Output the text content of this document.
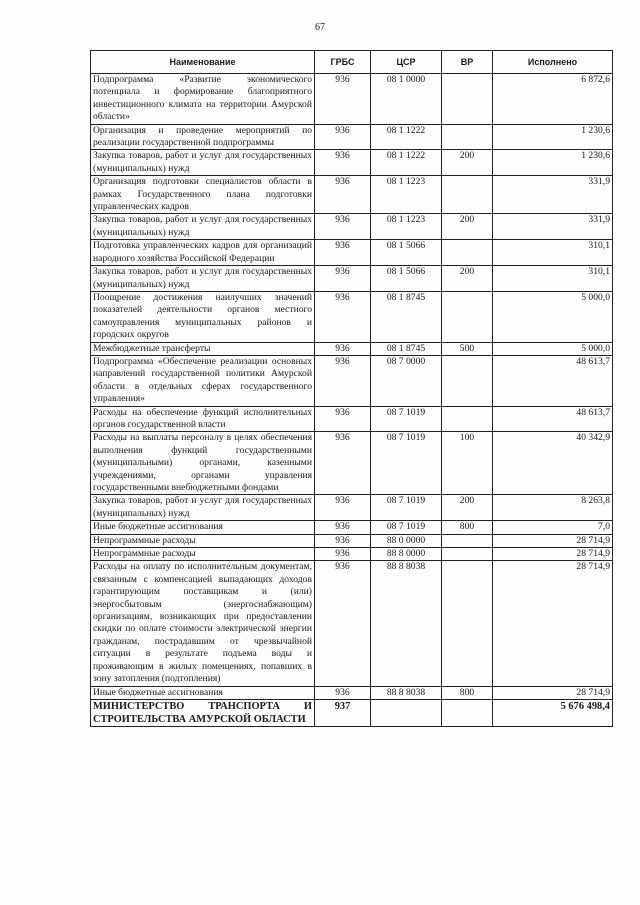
67
Наименование	ГРБС	ЦСР	ВР	Исполнено
Подпрограмма «Развитие экономического потенциала и формирование благоприятного инвестиционного климата на территории Амурской области»	936	08 1 0000		6 872,6
Организация и проведение мероприятий по реализации государственной подпрограммы	936	08 1 1222		1 230,6
Закупка товаров, работ и услуг для государственных (муниципальных) нужд	936	08 1 1222	200	1 230,6
Организация подготовки специалистов области в рамках Государственного плана подготовки управленческих кадров	936	08 1 1223		331,9
Закупка товаров, работ и услуг для государственных (муниципальных) нужд	936	08 1 1223	200	331,9
Подготовка управленческих кадров для организаций народного хозяйства Российской Федерации	936	08 1 5066		310,1
Закупка товаров, работ и услуг для государственных (муниципальных) нужд	936	08 1 5066	200	310,1
Поощрение достижения наилучших значений показателей деятельности органов местного самоуправления муниципальных районов и городских округов	936	08 1 8745		5 000,0
Межбюджетные трансферты	936	08 1 8745	500	5 000,0
Подпрограмма «Обеспечение реализации основных направлений государственной политики Амурской области в отдельных сферах государственного управления»	936	08 7 0000		48 613,7
Расходы на обеспечение функций исполнительных органов государственной власти	936	08 7 1019		48 613,7
Расходы на выплаты персоналу в целях обеспечения выполнения функций государственными (муниципальными) органами, казенными учреждениями, органами управления государственными внебюджетными фондами	936	08 7 1019	100	40 342,9
Закупка товаров, работ и услуг для государственных (муниципальных) нужд	936	08 7 1019	200	8 263,8
Иные бюджетные ассигнования	936	08 7 1019	800	7,0
Непрограммные расходы	936	88 0 0000		28 714,9
Непрограммные расходы	936	88 8 0000		28 714,9
Расходы на оплату по исполнительным документам, связанным с компенсацией выпадающих доходов гарантирующим поставщикам и (или) энергосбытовым (энергоснабжающим) организациям, возникающих при предоставлении скидки по оплате стоимости электрической энергии гражданам, пострадавшим от чрезвычайной ситуации в результате подъема воды и проживающим в жилых помещениях, попавших в зону затопления (подтопления)	936	88 8 8038		28 714,9
Иные бюджетные ассигнования	936	88 8 8038	800	28 714,9
МИНИСТЕРСТВО ТРАНСПОРТА И СТРОИТЕЛЬСТВА АМУРСКОЙ ОБЛАСТИ	937			5 676 498,4
